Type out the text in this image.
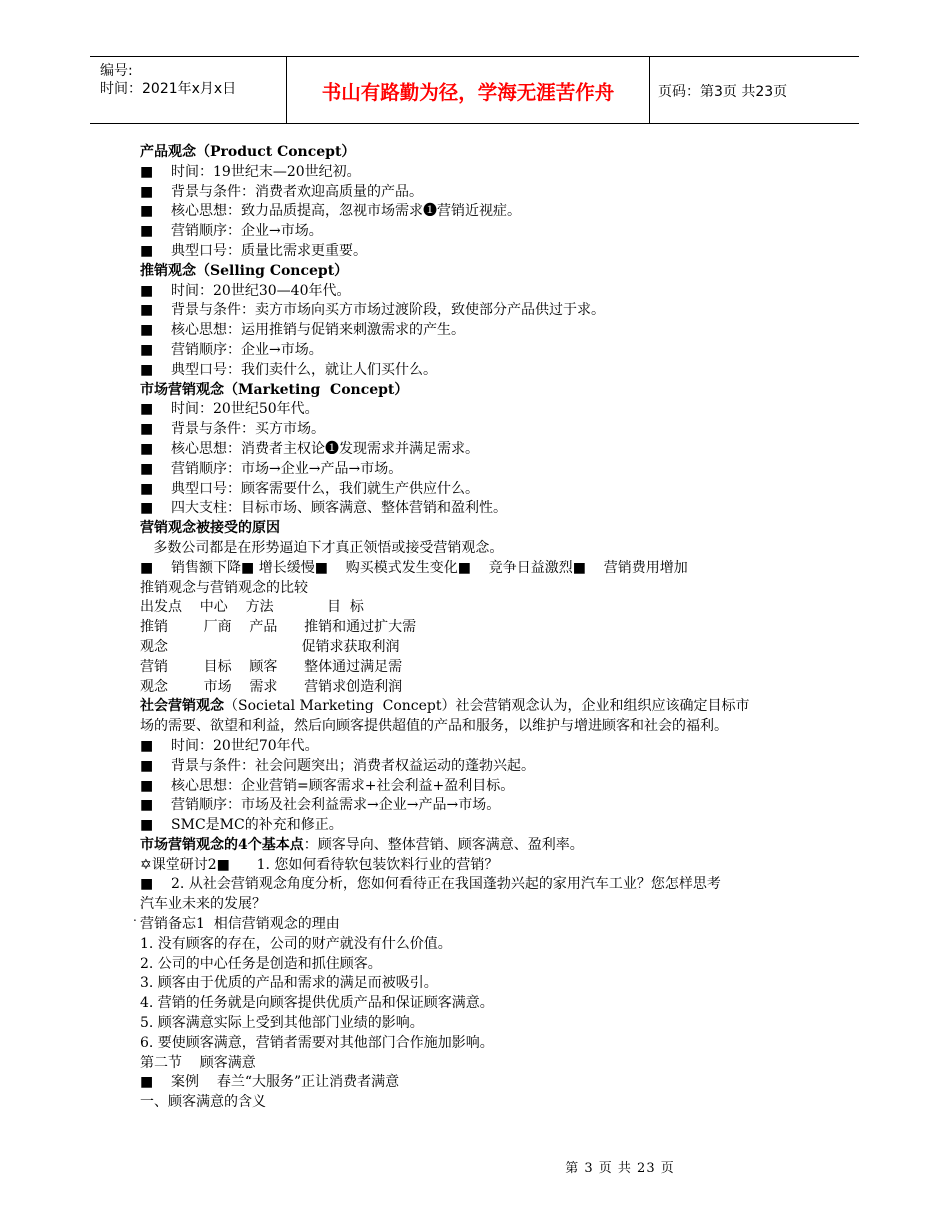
编号:
时间：2021年x月x日	书山有路勤为径，学海无涯苦作舟	页码：第3页 共23页
产品观念（Product Concept）
■    时间：19世纪末—20世纪初。
■    背景与条件：消费者欢迎高质量的产品。
■    核心思想：致力品质提高，忽视市场需求❶营销近视症。
■    营销顺序：企业→市场。
■    典型口号：质量比需求更重要。
推销观念（Selling Concept）
■    时间：20世纪30—40年代。
■    背景与条件：卖方市场向买方市场过渡阶段，致使部分产品供过于求。
■    核心思想：运用推销与促销来刺激需求的产生。
■    营销顺序：企业→市场。
■    典型口号：我们卖什么，就让人们买什么。
市场营销观念（Marketing  Concept）
■    时间：20世纪50年代。
■    背景与条件：买方市场。
■    核心思想：消费者主权论❶发现需求并满足需求。
■    营销顺序：市场→企业→产品→市场。
■    典型口号：顾客需要什么，我们就生产供应什么。
■    四大支柱：目标市场、顾客满意、整体营销和盈利性。
营销观念被接受的原因
多数公司都是在形势逼迫下才真正领悟或接受营销观念。
■    销售额下降■ 增长缓慢■    购买模式发生变化■    竞争日益激烈■    营销费用增加
推销观念与营销观念的比较
出发点    中心    方法            目  标
推销        厂商    产品      推销和通过扩大需
观念                              促销求获取利润
营销        目标    顾客      整体通过满足需
观念        市场    需求      营销求创造利润
社会营销观念（Societal Marketing  Concept）社会营销观念认为，企业和组织应该确定目标市
场的需要、欲望和利益，然后向顾客提供超值的产品和服务，以维护与增进顾客和社会的福利。
■    时间：20世纪70年代。
■    背景与条件：社会问题突出；消费者权益运动的蓬勃兴起。
■    核心思想：企业营销=顾客需求+社会利益+盈利目标。
■    营销顺序：市场及社会利益需求→企业→产品→市场。
■    SMC是MC的补充和修正。
市场营销观念的4个基本点：顾客导向、整体营销、顾客满意、盈利率。
✡课堂研讨2■      1. 您如何看待软包装饮料行业的营销？
■    2. 从社会营销观念角度分析，您如何看待正在我国蓬勃兴起的家用汽车工业？您怎样思考
汽车业未来的发展？
营销备忘1  相信营销观念的理由
1. 没有顾客的存在，公司的财产就没有什么价值。
2. 公司的中心任务是创造和抓住顾客。
3. 顾客由于优质的产品和需求的满足而被吸引。
4. 营销的任务就是向顾客提供优质产品和保证顾客满意。
5. 顾客满意实际上受到其他部门业绩的影响。
6. 要使顾客满意，营销者需要对其他部门合作施加影响。
第二节    顾客满意
■    案例    春兰“大服务”正让消费者满意
一、顾客满意的含义
.
第 3 页 共 23 页
